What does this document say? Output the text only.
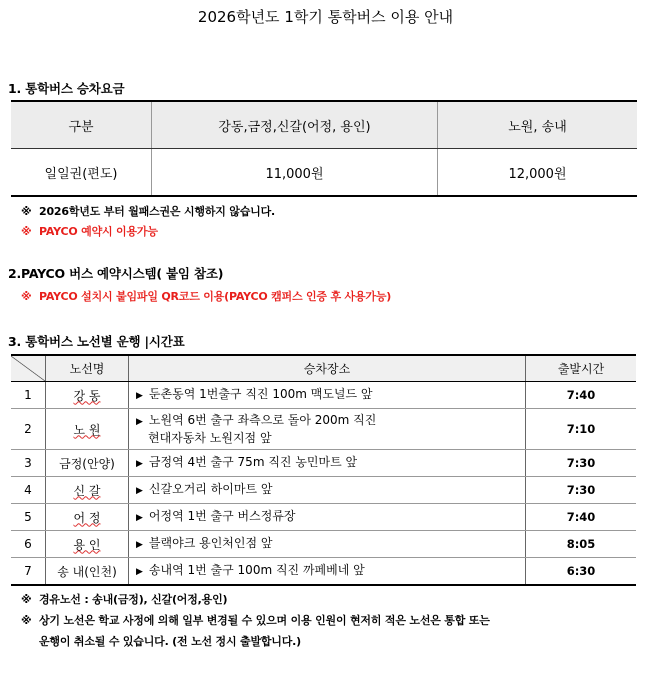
2026학년도 1학기 통학버스 이용 안내
1. 통학버스 승차요금
구분	강동,금정,신갈(어정, 용인)	노원, 송내
일일권(편도)	11,000원	12,000원
※ 2026학년도 부터 월패스권은 시행하지 않습니다.
※ PAYCO 예약시 이용가능
2.PAYCO 버스 예약시스템( 붙임 참조)
※ PAYCO 설치시 붙임파일 QR코드 이용(PAYCO 캠퍼스 인증 후 사용가능)
3. 통학버스 노선별 운행 |시간표
	노선명	승차장소	출발시간
1	강 동	▶ 둔촌동역 1번출구 직진 100m 맥도널드 앞	7:40
2	노 원	▶ 노원역 6번 출구 좌측으로 돌아 200m 직진
현대자동차 노원지점 앞	7:10
3	금정(안양)	▶ 금정역 4번 출구 75m 직진 농민마트 앞	7:30
4	신 갈	▶ 신갈오거리 하이마트 앞	7:30
5	어 정	▶ 어정역 1번 출구 버스정류장	7:40
6	용 인	▶ 블랙야크 용인처인점 앞	8:05
7	송 내(인천)	▶ 송내역 1번 출구 100m 직진 까페베네 앞	6:30
※ 경유노선 : 송내(금정), 신갈(어정,용인)
※ 상기 노선은 학교 사정에 의해 일부 변경될 수 있으며 이용 인원이 현저히 적은 노선은 통합 또는
운행이 취소될 수 있습니다. (전 노선 정시 출발합니다.)
